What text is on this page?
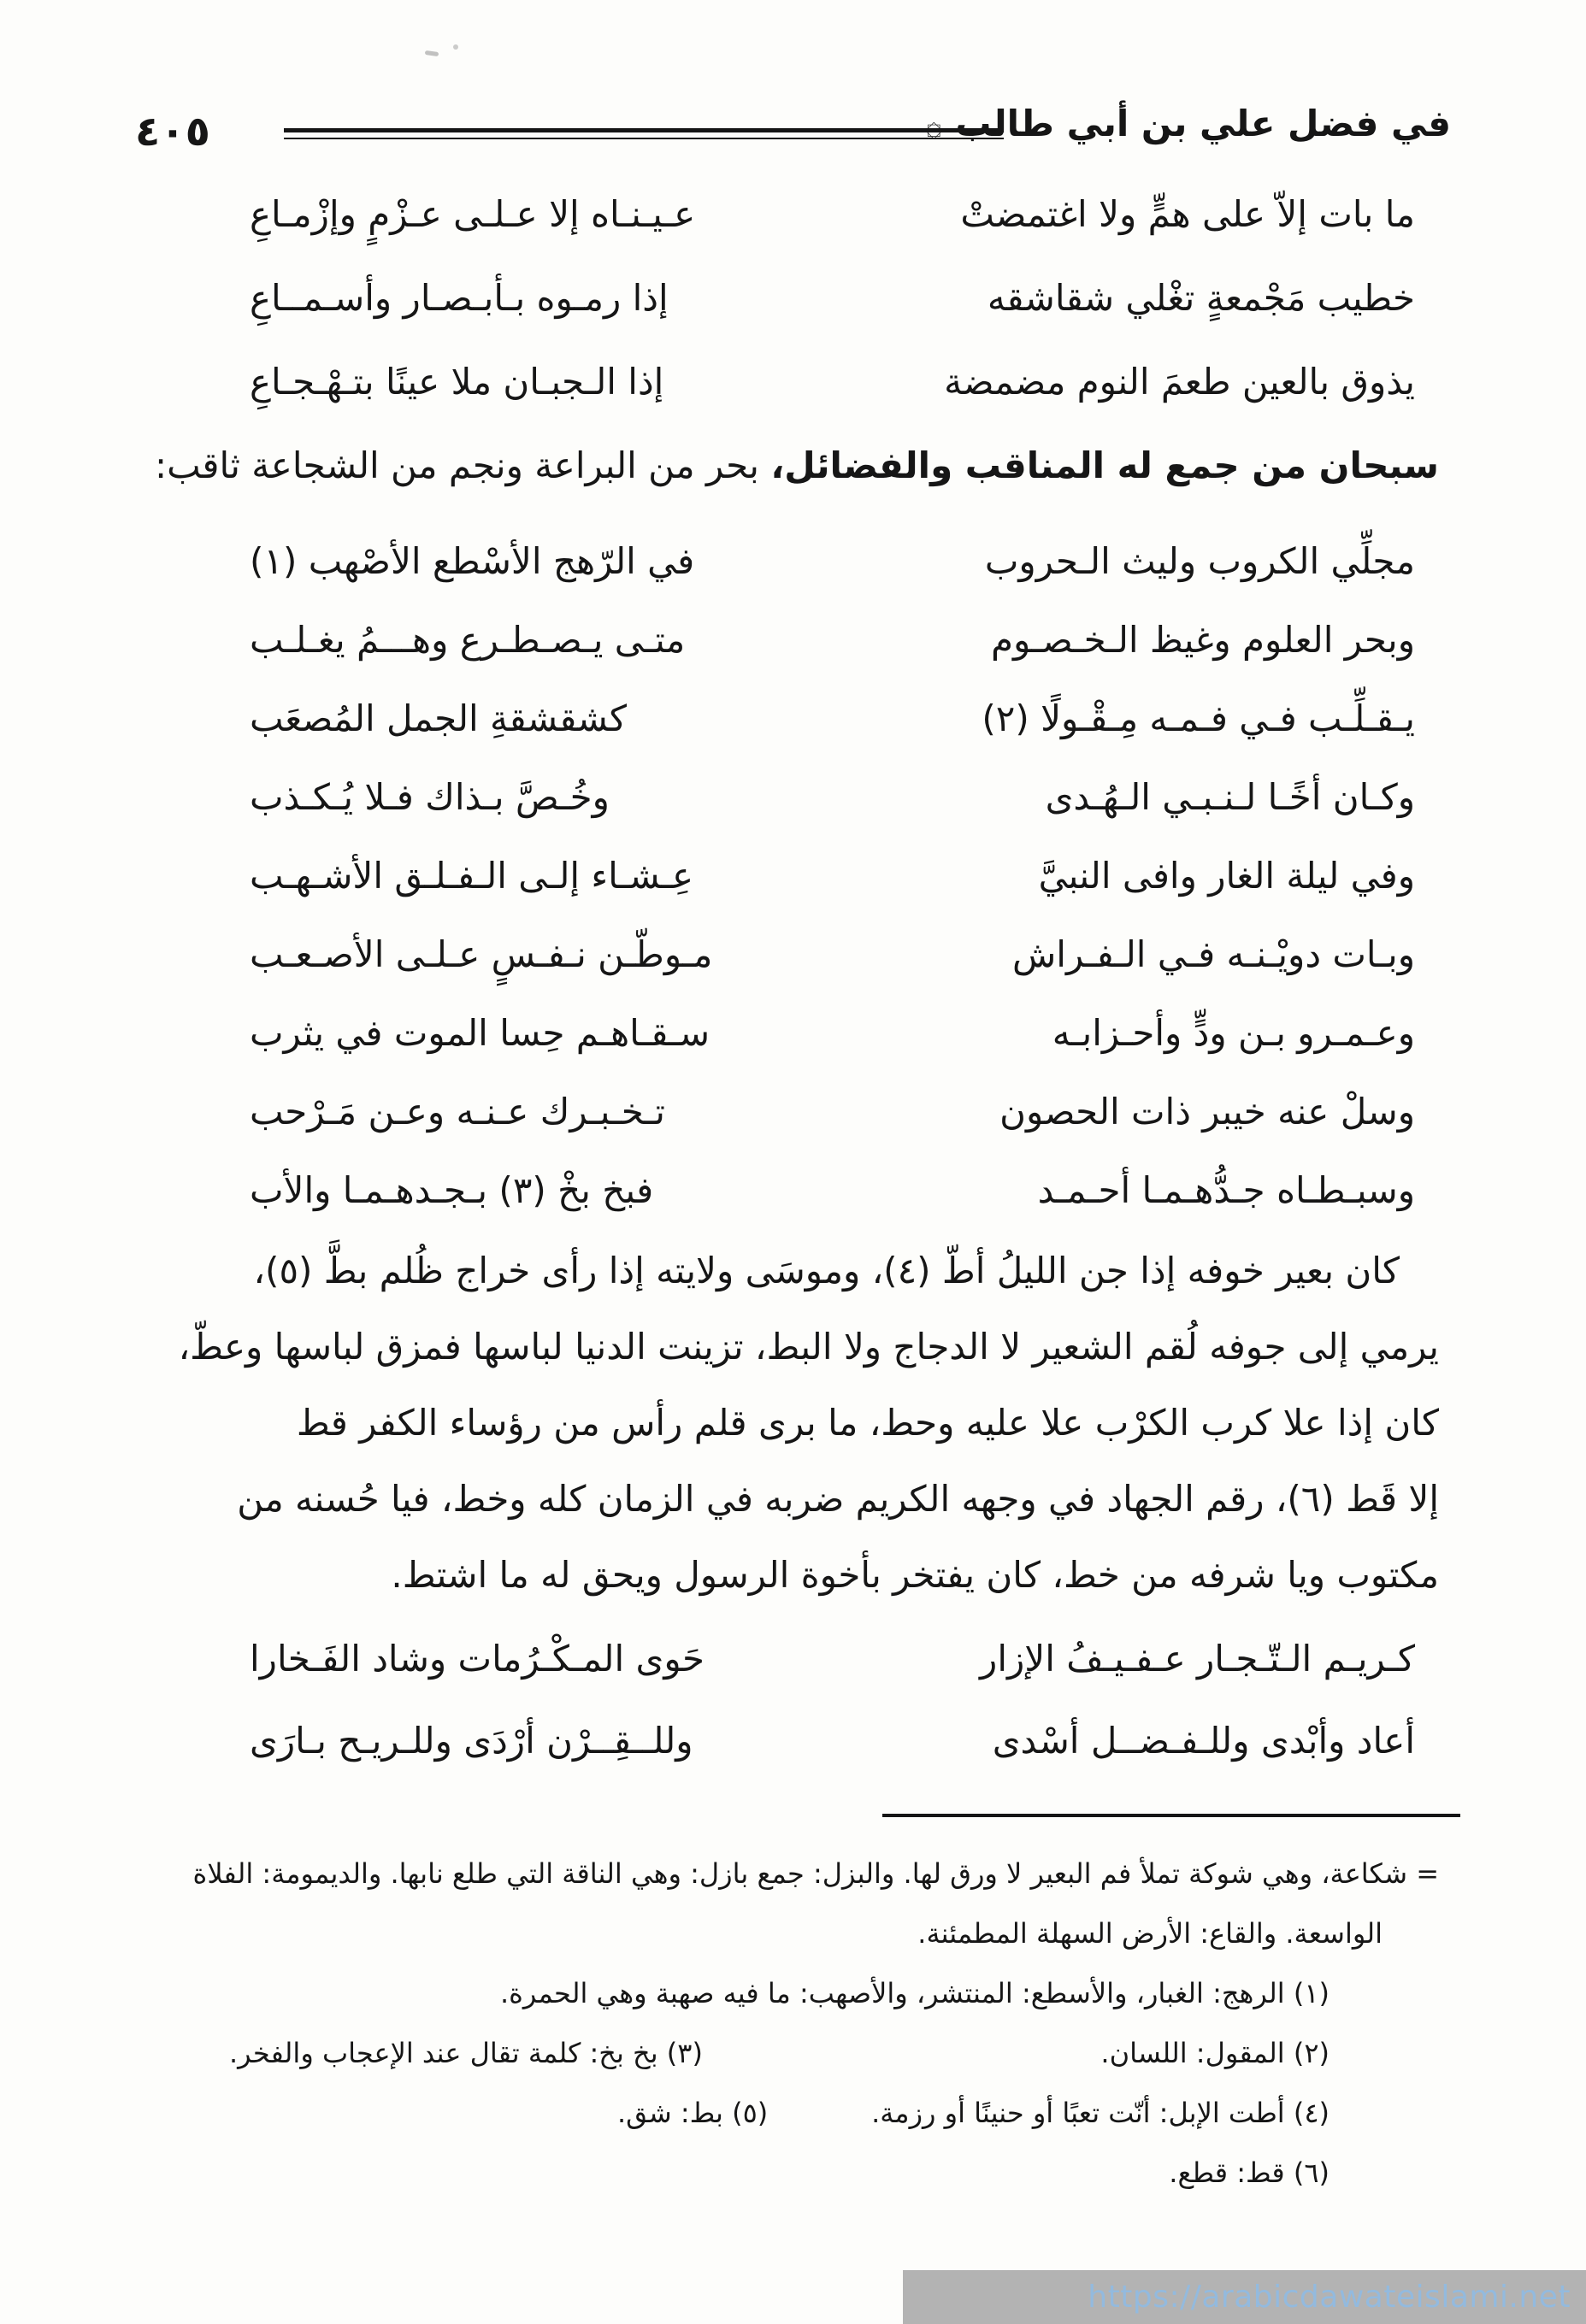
٤٠٥	في فضل علي بن أبي طالب ۞
ما بات إلاّ على همٍّ ولا اغتمضتْ
عـيـنـاه إلا عـلـى عـزْمٍ وإزْمـاعِ
خطيب مَجْمعةٍ تغْلي شقاشقه
إذا رمـوه بـأبـصـار وأسـمــاعِ
يذوق بالعين طعمَ النوم مضمضة
إذا الـجبـان ملا عينًا بتـهْـجـاعِ
سبحان من جمع له المناقب والفضائل، بحر من البراعة ونجم من الشجاعة ثاقب:
مجلِّي الكروب وليث الـحروب
في الرّهج الأسْطع الأصْهب (١)
وبحر العلوم وغيظ الـخـصـوم
متـى يـصـطـرع وهـــمُ يغـلـب
يـقـلِّـب فـي فـمـه مِـقْـولًا (٢)
كشقشقةِ الجمل المُصعَب
وكـان أخًـا لـنـبـي الـهُـدى
وخُـصَّ بـذاك فـلا يُـكـذب
وفي ليلة الغار وافى النبيَّ
عِـشـاء إلـى الـفـلـق الأشـهـب
وبـات دويْـنـه فـي الـفـراش
مـوطّـن نـفـسٍ عـلـى الأصـعـب
وعـمـرو بـن ودٍّ وأحـزابـه
سـقـاهـم حِسا الموت في يثرب
وسلْ عنه خيبر ذات الحصون
تـخـبـرك عـنـه وعـن مَـرْحب
وسبـطـاه جـدُّهـمـا أحـمـد
فبخ بخْ (٣) بـجـدهـمـا والأب
كان بعير خوفه إذا جن الليلُ أطّ (٤)، وموسَى ولايته إذا رأى خراج ظُلم بطَّ (٥)،
يرمي إلى جوفه لُقم الشعير لا الدجاج ولا البط، تزينت الدنيا لباسها فمزق لباسها وعطّ،
كان إذا علا كرب الكرْب علا عليه وحط، ما برى قلم رأس من رؤساء الكفر قط
إلا قَط (٦)، رقم الجهاد في وجهه الكريم ضربه في الزمان كله وخط، فيا حُسنه من
مكتوب ويا شرفه من خط، كان يفتخر بأخوة الرسول ويحق له ما اشتط.
كـريـم الـتّـجـار عـفـيـفُ الإزار
حَوى المـكْـرُمات وشاد الفَـخارا
أعاد وأبْدى وللـفـضــل أسْدى
وللــقِــرْن أرْدَى وللـريـح بـارَى
= شكاعة، وهي شوكة تملأ فم البعير لا ورق لها. والبزل: جمع بازل: وهي الناقة التي طلع نابها. والديمومة: الفلاة
الواسعة. والقاع: الأرض السهلة المطمئنة.
(١) الرهج: الغبار، والأسطع: المنتشر، والأصهب: ما فيه صهبة وهي الحمرة.
(٢) المقول: اللسان.
(٣) بخ بخ: كلمة تقال عند الإعجاب والفخر.
(٤) أطت الإبل: أنّت تعبًا أو حنينًا أو رزمة.
(٥) بط: شق.
(٦) قط: قطع.
https://arabicdawateislami.net
